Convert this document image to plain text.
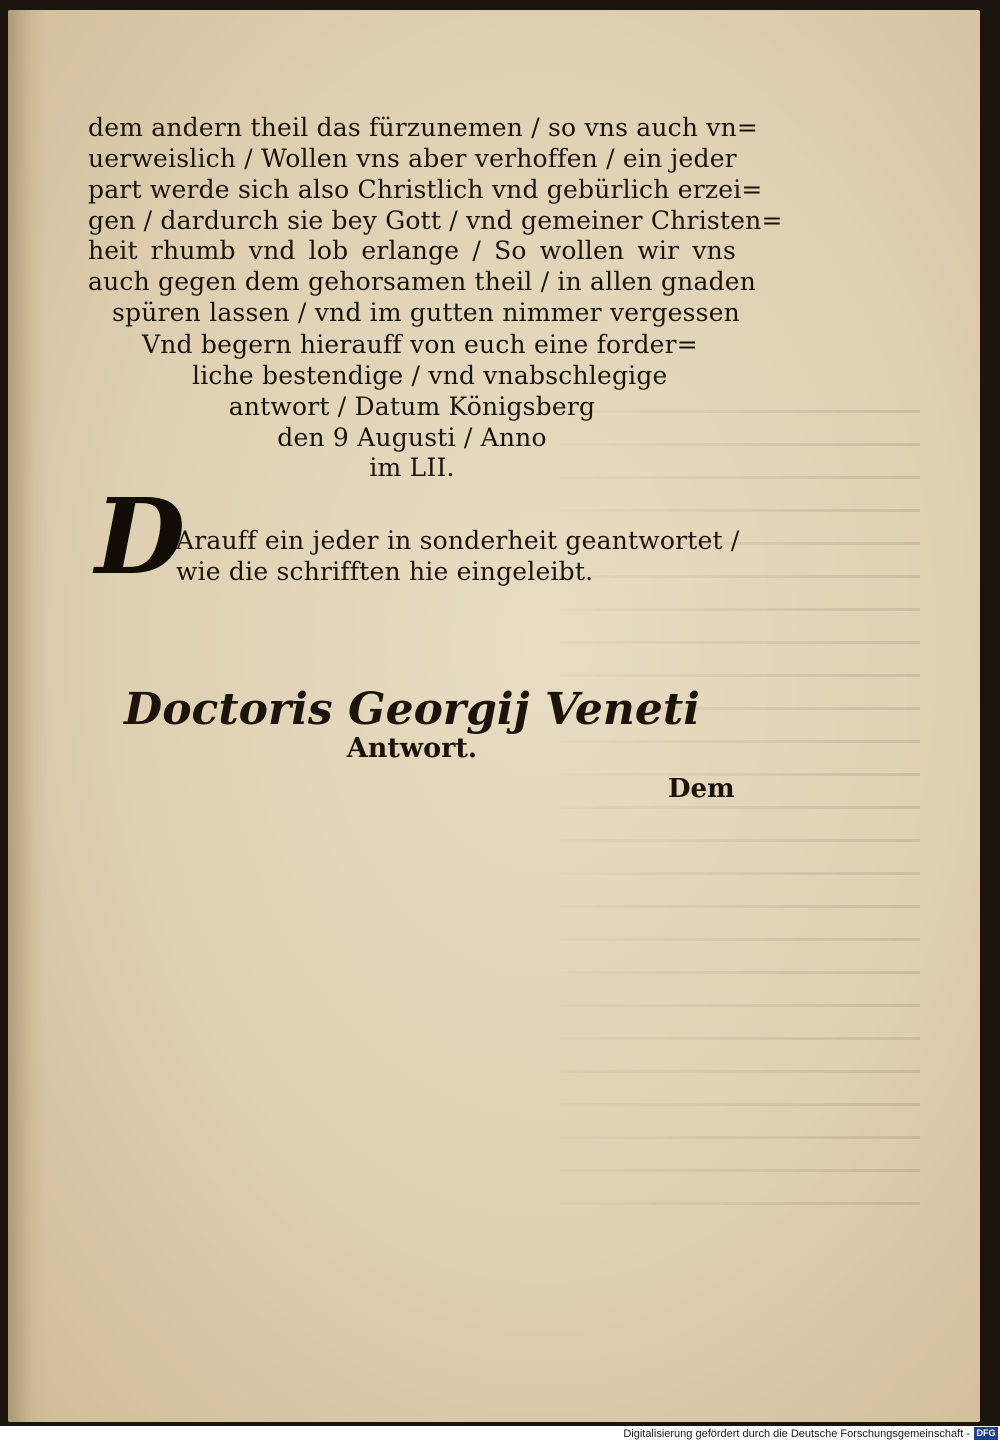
dem andern theil das fürzunemen / so vns auch vn=
uerweislich / Wollen vns aber verhoffen / ein jeder
part werde sich also Christlich vnd gebürlich erzei=
gen / dardurch sie bey Gott / vnd gemeiner Christen=
heit rhumb vnd lob erlange / So wollen wir vns
auch gegen dem gehorsamen theil / in allen gnaden
spüren lassen / vnd im gutten nimmer vergessen
Vnd begern hierauff von euch eine forder=
liche bestendige / vnd vnabschlegige
antwort / Datum Königsberg
den 9 Augusti / Anno
im LII.
D
Arauff ein jeder in sonderheit geantwortet /
wie die schrifften hie eingeleibt.
Doctoris Georgij Veneti
Antwort.
Dem
Digitalisierung gefördert durch die Deutsche Forschungsgemeinschaft - DFG
